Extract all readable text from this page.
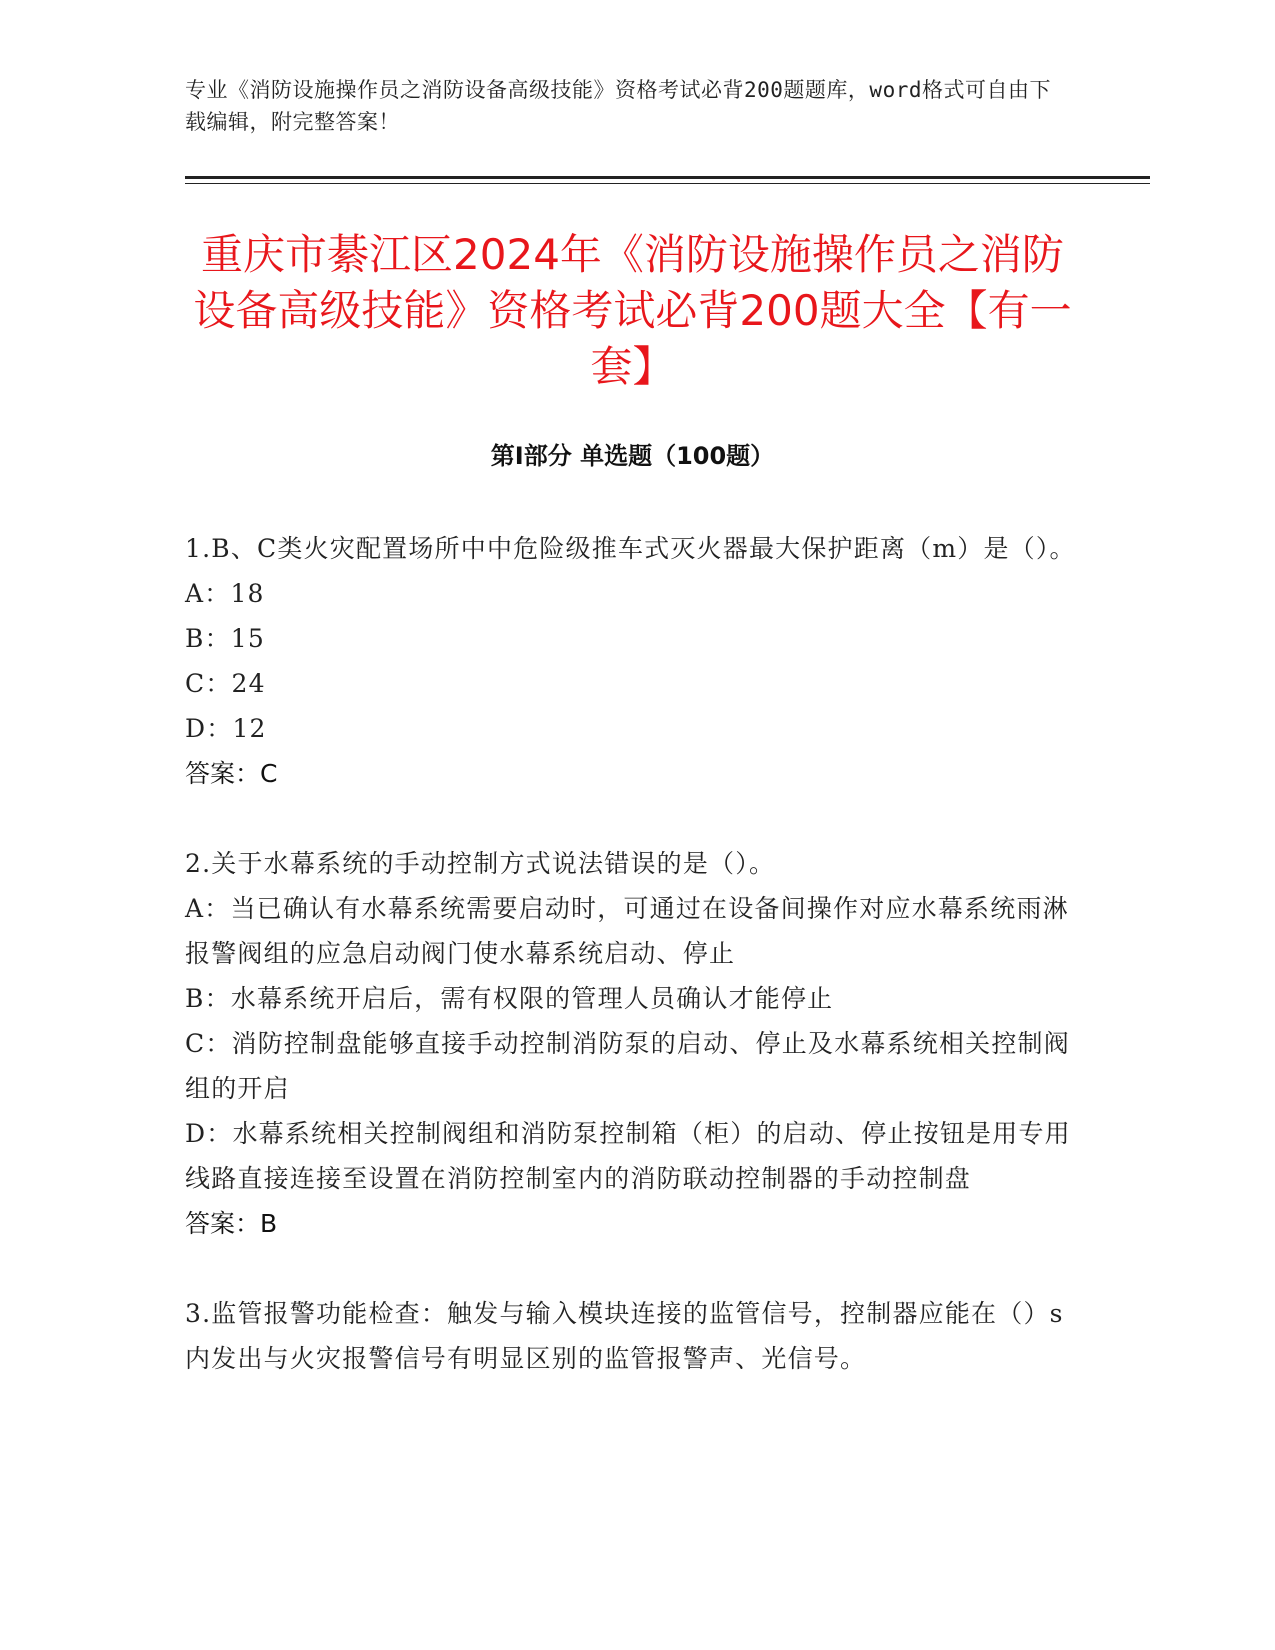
专业《消防设施操作员之消防设备高级技能》资格考试必背200题题库，word格式可自由下载编辑，附完整答案！
重庆市綦江区2024年《消防设施操作员之消防设备高级技能》资格考试必背200题大全【有一套】
第I部分 单选题（100题）

1.B、C类火灾配置场所中中危险级推车式灭火器最大保护距离（m）是（）。

A：18

B：15

C：24

D：12

答案：C

2.关于水幕系统的手动控制方式说法错误的是（）。

A：当已确认有水幕系统需要启动时，可通过在设备间操作对应水幕系统雨淋报警阀组的应急启动阀门使水幕系统启动、停止

B：水幕系统开启后，需有权限的管理人员确认才能停止

C：消防控制盘能够直接手动控制消防泵的启动、停止及水幕系统相关控制阀组的开启

D：水幕系统相关控制阀组和消防泵控制箱（柜）的启动、停止按钮是用专用线路直接连接至设置在消防控制室内的消防联动控制器的手动控制盘

答案：B

3.监管报警功能检查：触发与输入模块连接的监管信号，控制器应能在（）s内发出与火灾报警信号有明显区别的监管报警声、光信号。
